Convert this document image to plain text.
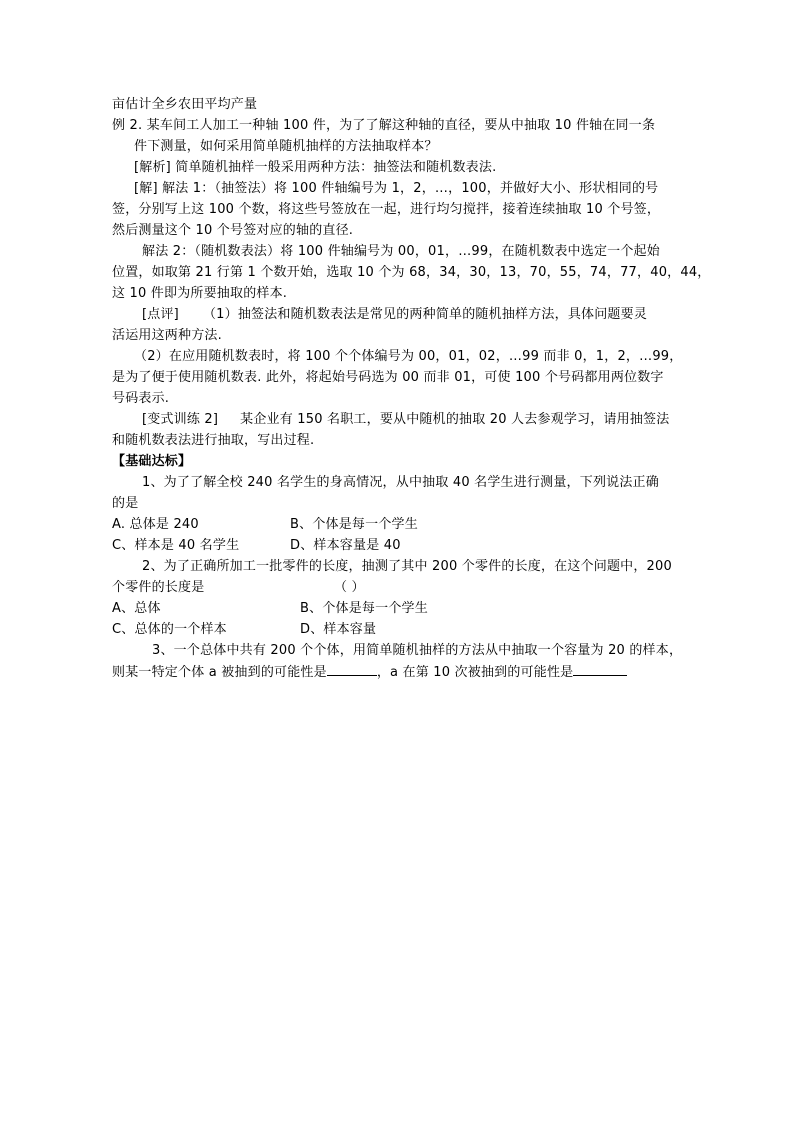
亩估计全乡农田平均产量
例 2. 某车间工人加工一种轴 100 件，为了了解这种轴的直径，要从中抽取 10 件轴在同一条
件下测量，如何采用简单随机抽样的方法抽取样本？
[解析] 简单随机抽样一般采用两种方法：抽签法和随机数表法.
[解] 解法 1：（抽签法）将 100 件轴编号为 1，2，…，100，并做好大小、形状相同的号
签，分别写上这 100 个数，将这些号签放在一起，进行均匀搅拌，接着连续抽取 10 个号签，
然后测量这个 10 个号签对应的轴的直径.
解法 2：（随机数表法）将 100 件轴编号为 00，01，…99，在随机数表中选定一个起始
位置，如取第 21 行第 1 个数开始，选取 10 个为 68，34，30，13，70，55，74，77，40，44，
这 10 件即为所要抽取的样本.
[点评] （1）抽签法和随机数表法是常见的两种简单的随机抽样方法，具体问题要灵
活运用这两种方法.
（2）在应用随机数表时，将 100 个个体编号为 00，01，02，…99 而非 0，1，2，…99，
是为了便于使用随机数表. 此外，将起始号码选为 00 而非 01，可使 100 个号码都用两位数字
号码表示.
[变式训练 2] 某企业有 150 名职工，要从中随机的抽取 20 人去参观学习，请用抽签法
和随机数表法进行抽取，写出过程.
【基础达标】
1、为了了解全校 240 名学生的身高情况，从中抽取 40 名学生进行测量，下列说法正确
的是
A. 总体是 240	B、个体是每一个学生
C、样本是 40 名学生	D、样本容量是 40
2、为了正确所加工一批零件的长度，抽测了其中 200 个零件的长度，在这个问题中，200
个零件的长度是	（ ）
A、总体	B、个体是每一个学生
C、总体的一个样本	D、样本容量
3、一个总体中共有 200 个个体，用简单随机抽样的方法从中抽取一个容量为 20 的样本，
则某一特定个体 a 被抽到的可能性是	，a 在第 10 次被抽到的可能性是
